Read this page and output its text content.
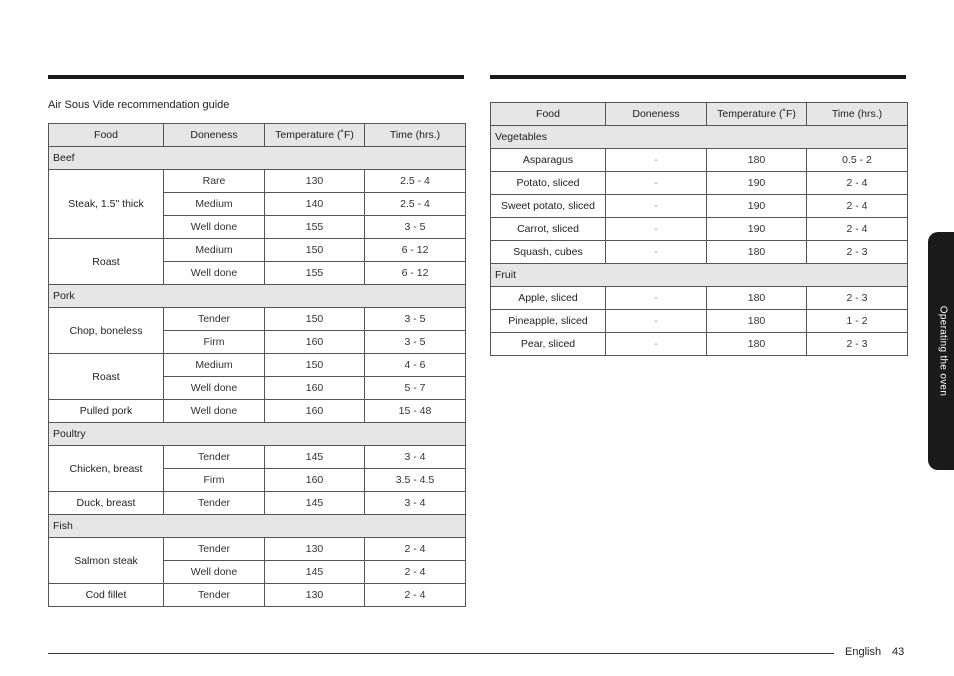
Air Sous Vide recommendation guide
Food	Doneness	Temperature (˚F)	Time (hrs.)
Beef			
Steak, 1.5" thick	Rare	130	2.5 - 4
	Medium	140	2.5 - 4
	Well done	155	3 - 5
Roast	Medium	150	6 - 12
	Well done	155	6 - 12
Pork			
Chop, boneless	Tender	150	3 - 5
	Firm	160	3 - 5
Roast	Medium	150	4 - 6
	Well done	160	5 - 7
Pulled pork	Well done	160	15 - 48
Poultry			
Chicken, breast	Tender	145	3 - 4
	Firm	160	3.5 - 4.5
Duck, breast	Tender	145	3 - 4
Fish			
Salmon steak	Tender	130	2 - 4
	Well done	145	2 - 4
Cod fillet	Tender	130	2 - 4
Food	Doneness	Temperature (˚F)	Time (hrs.)
Vegetables			
Asparagus	-	180	0.5 - 2
Potato, sliced	-	190	2 - 4
Sweet potato, sliced	-	190	2 - 4
Carrot, sliced	-	190	2 - 4
Squash, cubes	-	180	2 - 3
Fruit			
Apple, sliced	-	180	2 - 3
Pineapple, sliced	-	180	1 - 2
Pear, sliced	-	180	2 - 3	Operating the oven
English 43
